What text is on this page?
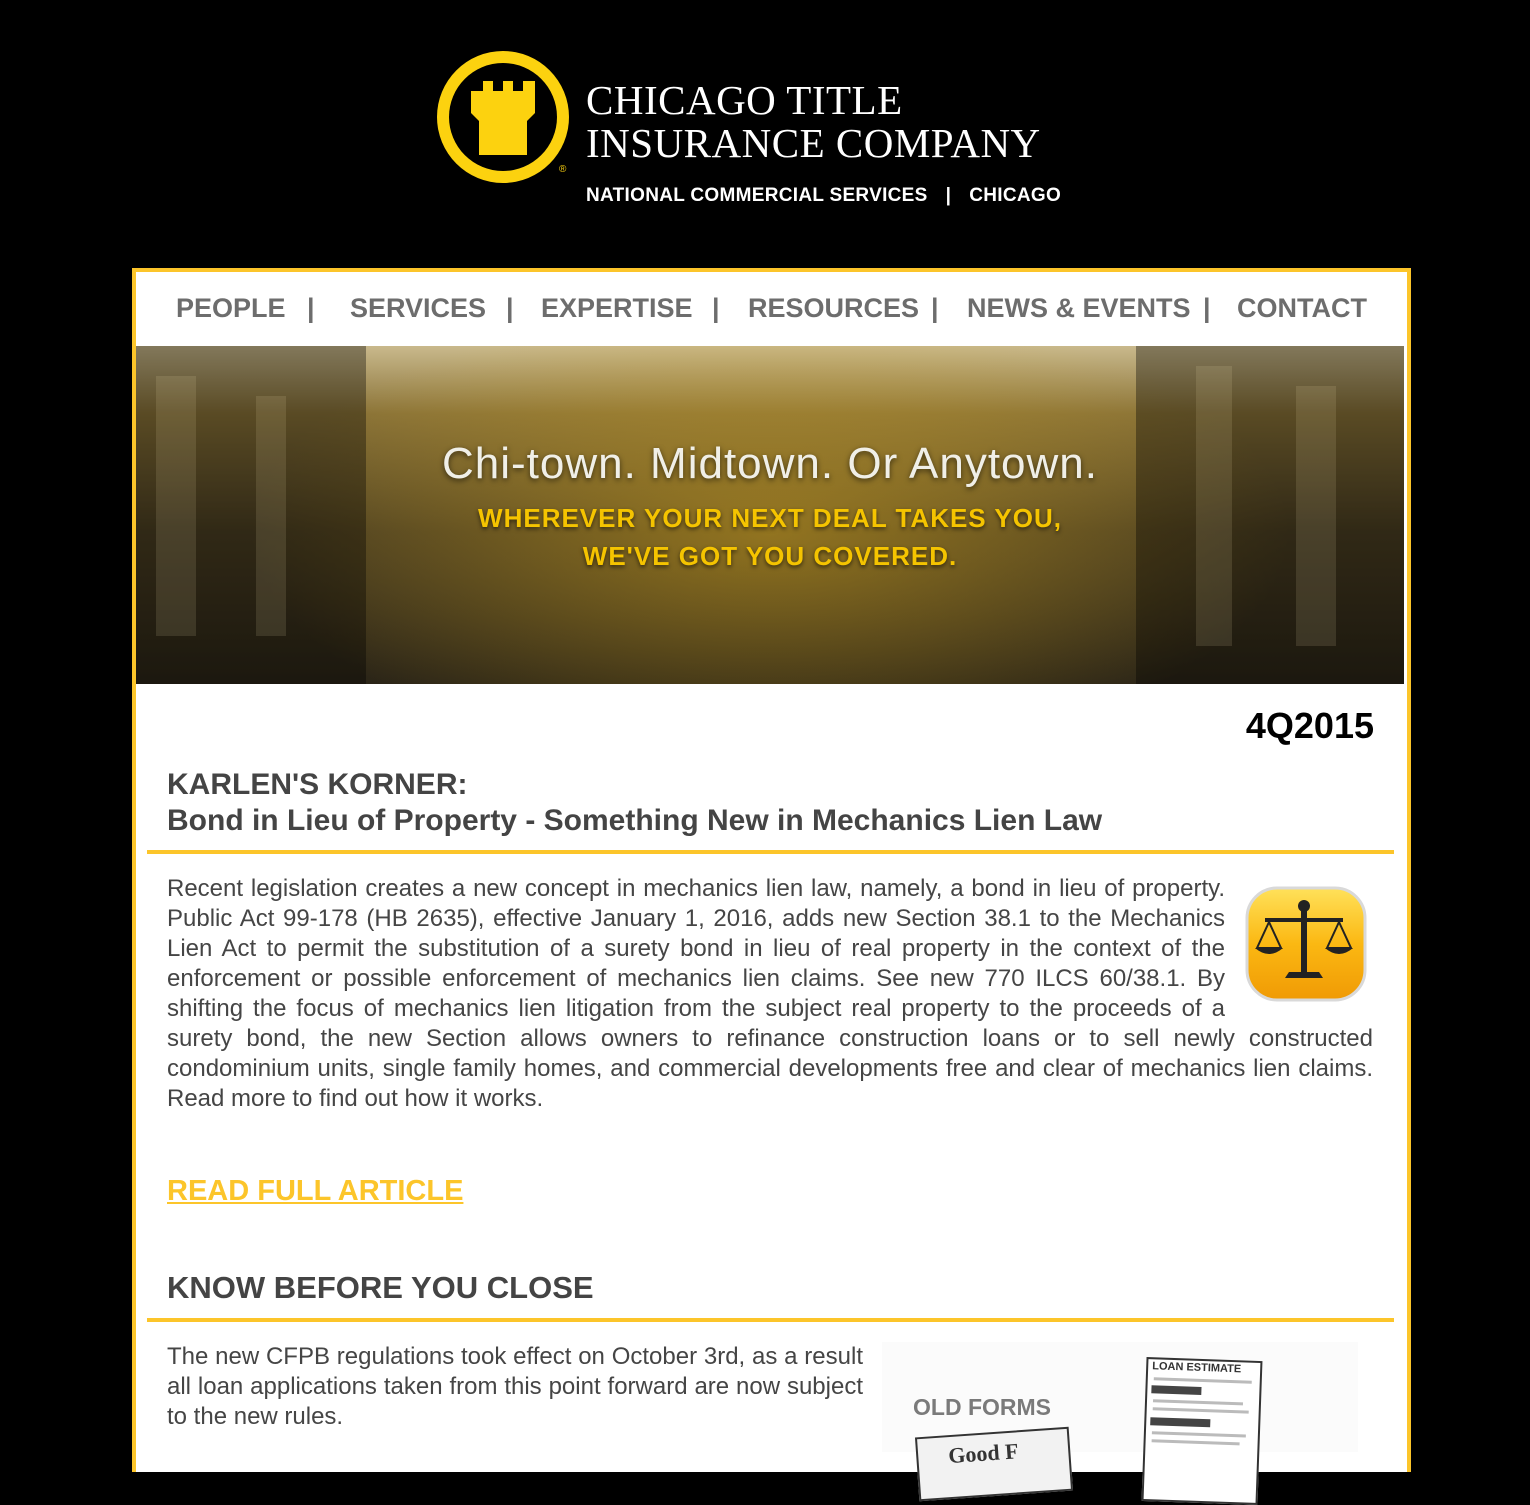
®
CHICAGO TITLE
INSURANCE COMPANY
NATIONAL COMMERCIAL SERVICES | CHICAGO
PEOPLE | SERVICES | EXPERTISE | RESOURCES | NEWS & EVENTS | CONTACT
Chi-town. Midtown. Or Anytown.
WHEREVER YOUR NEXT DEAL TAKES YOU,
WE'VE GOT YOU COVERED.
4Q2015
KARLEN'S KORNER:
Bond in Lieu of Property - Something New in Mechanics Lien Law
Recent legislation creates a new concept in mechanics lien law, namely, a bond in lieu of property. Public Act 99-178 (HB 2635), effective January 1, 2016, adds new Section 38.1 to the Mechanics Lien Act to permit the substitution of a surety bond in lieu of real property in the context of the enforcement or possible enforcement of mechanics lien claims. See new 770 ILCS 60/38.1. By shifting the focus of mechanics lien litigation from the subject real property to the proceeds of a surety bond, the new Section allows owners to refinance construction loans or to sell newly constructed condominium units, single family homes, and commercial developments free and clear of mechanics lien claims. Read more to find out how it works.
READ FULL ARTICLE
KNOW BEFORE YOU CLOSE
The new CFPB regulations took effect on October 3rd, as a result all loan applications taken from this point forward are now subject to the new rules.	OLD FORMS
Good F
LOAN ESTIMATE
